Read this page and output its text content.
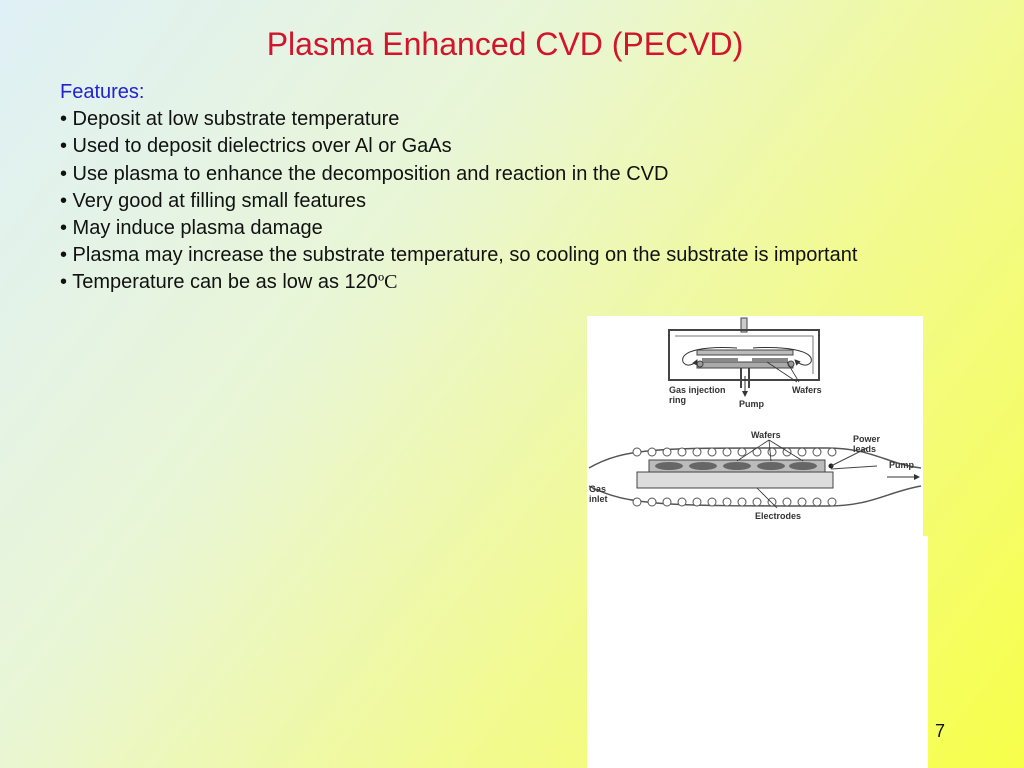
Plasma Enhanced CVD (PECVD)
Features:
• Deposit at low substrate temperature
• Used to deposit dielectrics over Al or GaAs
• Use plasma to enhance the decomposition and reaction in the CVD
• Very good at filling small features
• May induce plasma damage
• Plasma may increase the substrate temperature, so cooling on the substrate is important
• Temperature can be as low as 120ºC
Gas injection
ring	Pump
Wafers
Wafers	Power
leads
Pump
Gas
inlet
Electrodes
7
